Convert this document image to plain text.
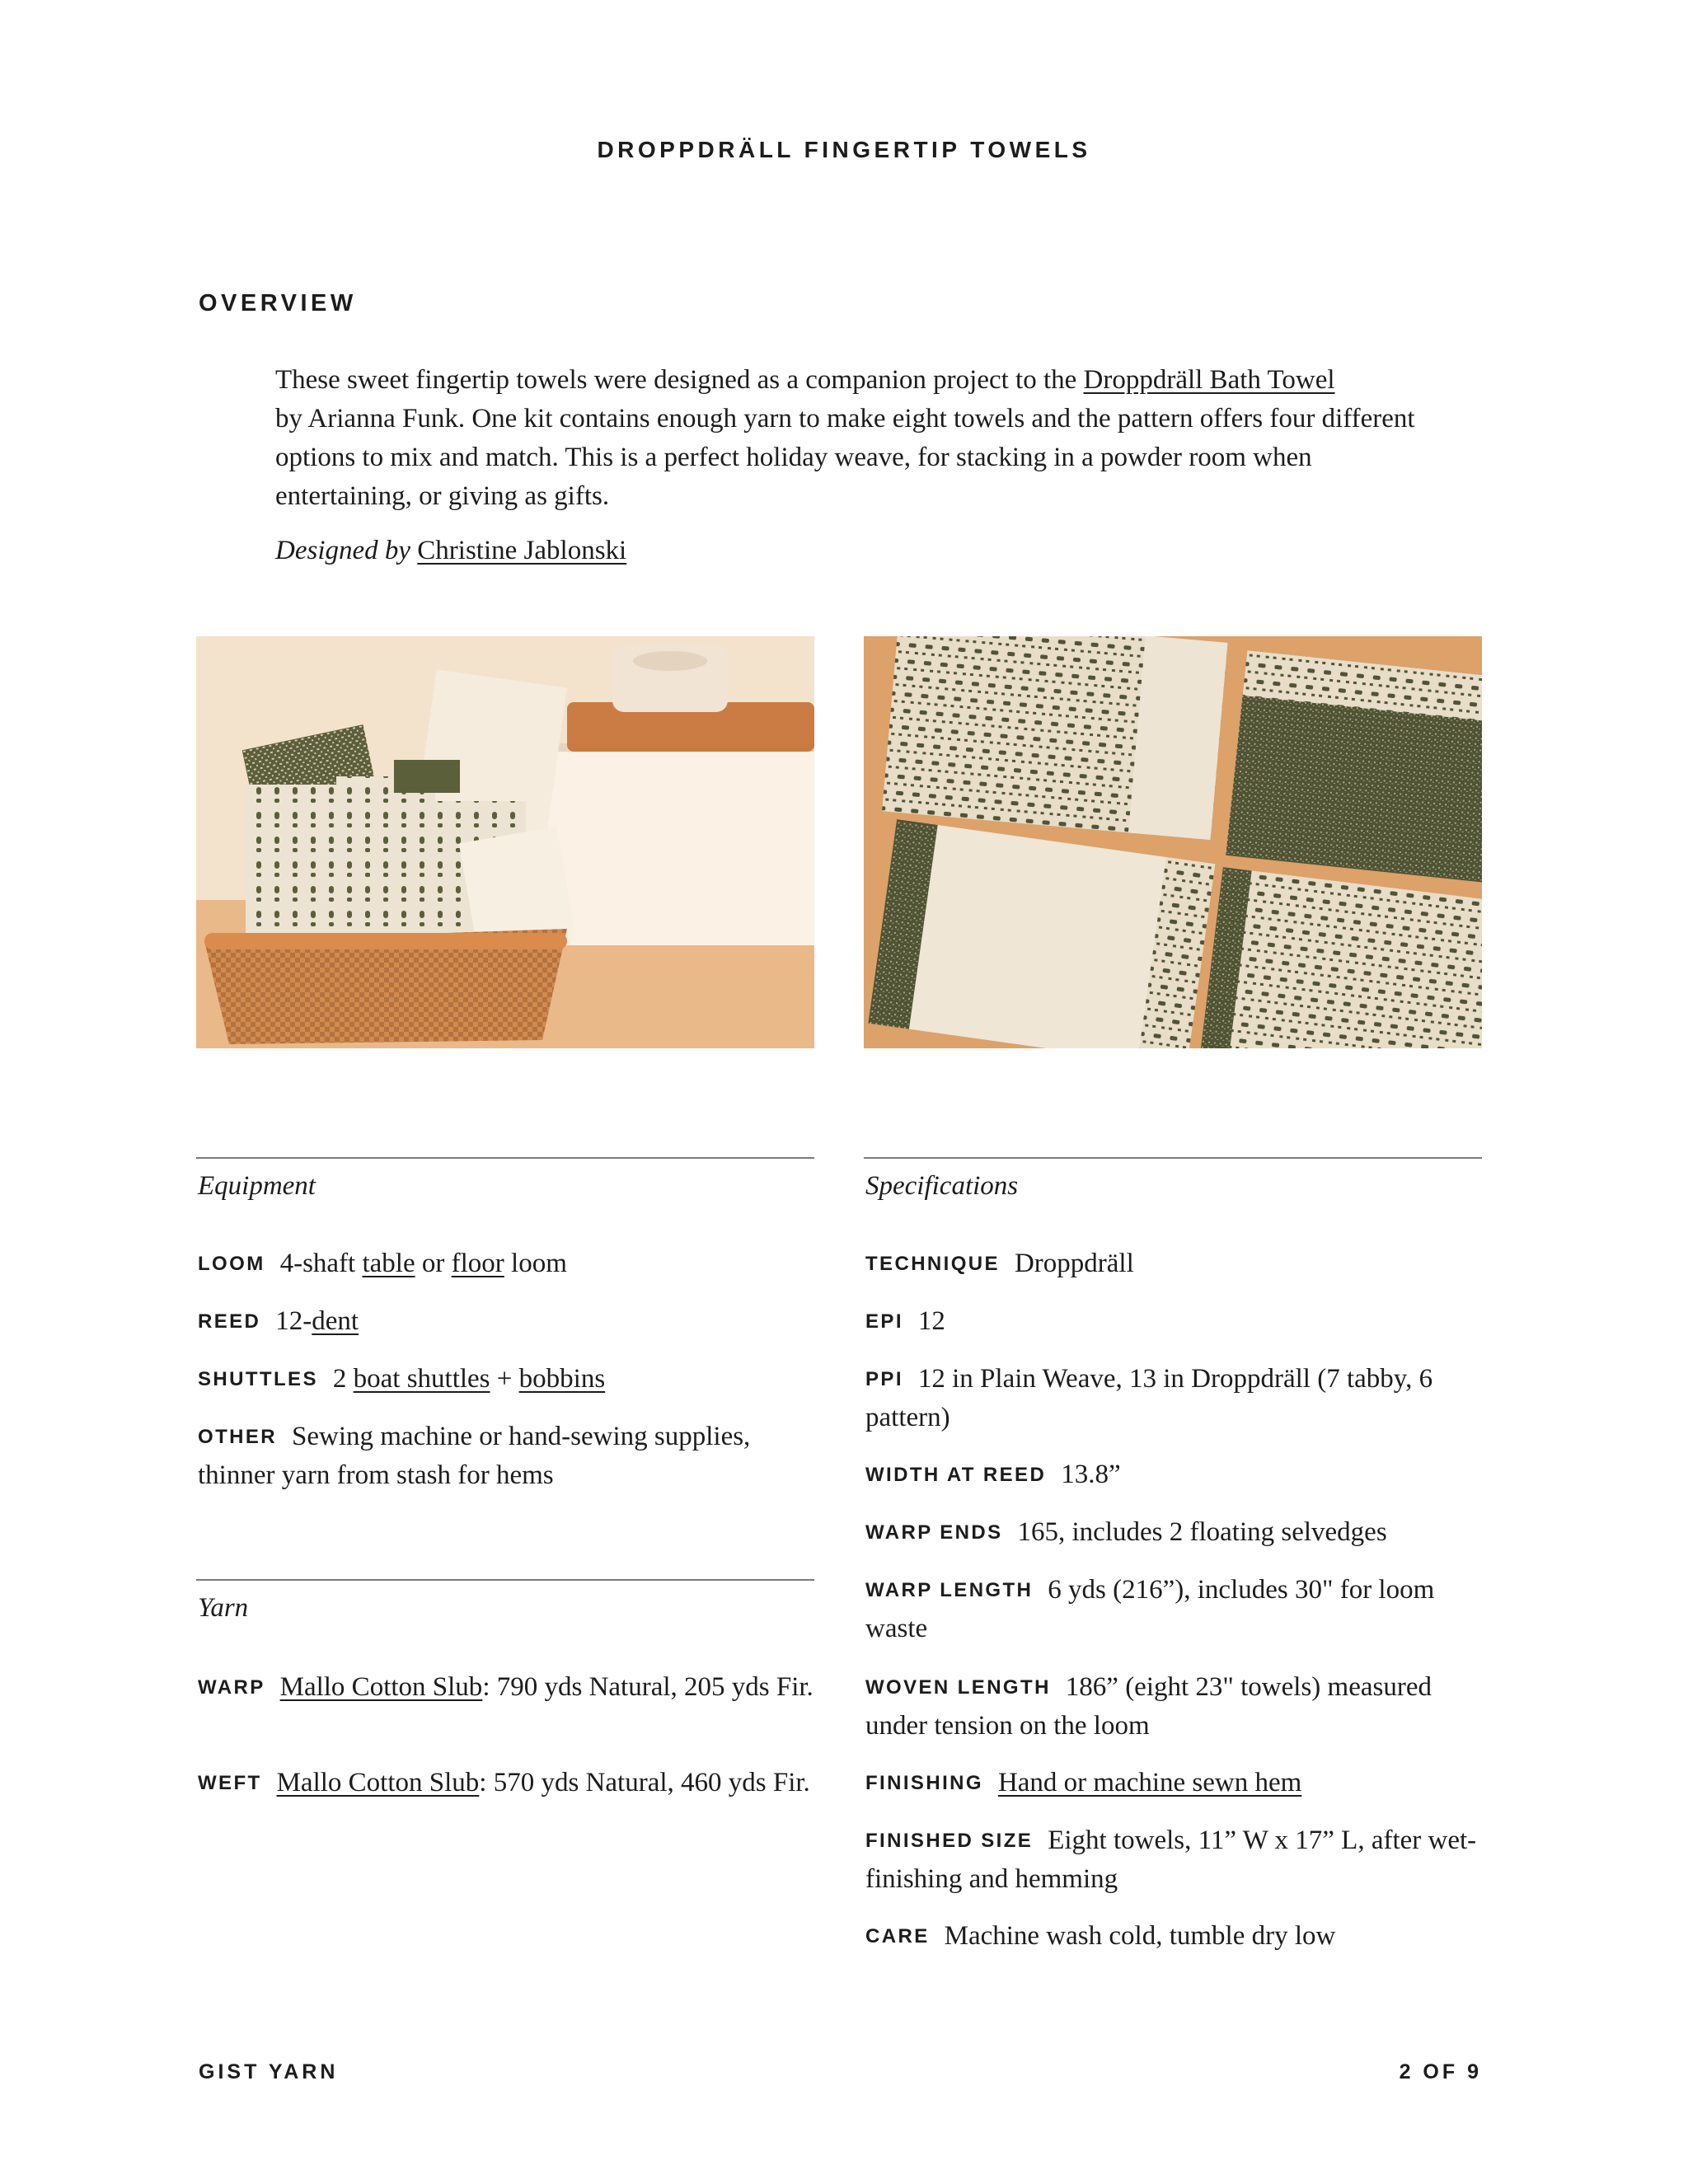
DROPPDRÄLL FINGERTIP TOWELS
OVERVIEW

These sweet fingertip towels were designed as a companion project to the Droppdräll Bath Towel

by Arianna Funk. One kit contains enough yarn to make eight towels and the pattern offers four different options to mix and match. This is a perfect holiday weave, for stacking in a powder room when entertaining, or giving as gifts.

Designed by Christine Jablonski
Equipment
LOOM 4-shaft table or floor loom
REED 12-dent
SHUTTLES 2 boat shuttles + bobbins
OTHER Sewing machine or hand-sewing supplies, thinner yarn from stash for hems
Yarn
WARP Mallo Cotton Slub: 790 yds Natural, 205 yds Fir.
WEFT Mallo Cotton Slub: 570 yds Natural, 460 yds Fir.
Specifications
TECHNIQUE Droppdräll
EPI 12
PPI 12 in Plain Weave, 13 in Droppdräll (7 tabby, 6 pattern)
WIDTH AT REED 13.8”
WARP ENDS 165, includes 2 floating selvedges
WARP LENGTH 6 yds (216”), includes 30" for loom waste
WOVEN LENGTH 186” (eight 23" towels) measured under tension on the loom
FINISHING Hand or machine sewn hem
FINISHED SIZE Eight towels, 11” W x 17” L, after wet-finishing and hemming
CARE Machine wash cold, tumble dry low
GIST YARN	2 OF 9
